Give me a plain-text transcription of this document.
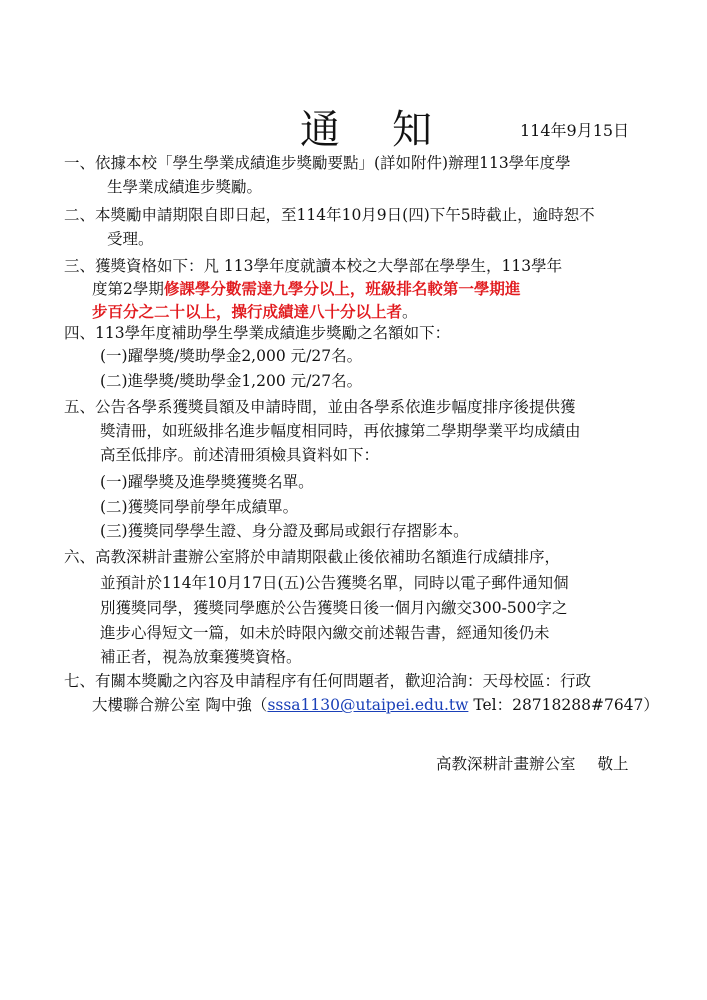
通 知	114年9月15日
一、依據本校「學生學業成績進步獎勵要點」(詳如附件)辦理113學年度學
生學業成績進步獎勵。
二、本獎勵申請期限自即日起，至114年10月9日(四)下午5時截止，逾時恕不
受理。
三、獲獎資格如下：凡 113學年度就讀本校之大學部在學學生，113學年
度第2學期修課學分數需達九學分以上，班級排名較第一學期進
步百分之二十以上，操行成績達八十分以上者。
四、113學年度補助學生學業成績進步獎勵之名額如下：
(一)躍學獎/獎助學金2,000 元/27名。
(二)進學獎/獎助學金1,200 元/27名。
五、公告各學系獲獎員額及申請時間，並由各學系依進步幅度排序後提供獲
獎清冊，如班級排名進步幅度相同時，再依據第二學期學業平均成績由
高至低排序。前述清冊須檢具資料如下：
(一)躍學獎及進學獎獲獎名單。
(二)獲獎同學前學年成績單。
(三)獲獎同學學生證、身分證及郵局或銀行存摺影本。
六、高教深耕計畫辦公室將於申請期限截止後依補助名額進行成績排序，
並預計於114年10月17日(五)公告獲獎名單，同時以電子郵件通知個
別獲獎同學，獲獎同學應於公告獲獎日後一個月內繳交300-500字之
進步心得短文一篇，如未於時限內繳交前述報告書，經通知後仍未
補正者，視為放棄獲獎資格。
七、有關本獎勵之內容及申請程序有任何問題者，歡迎洽詢：天母校區：行政
大樓聯合辦公室 陶中強（sssa1130@utaipei.edu.tw Tel：28718288#7647）
高教深耕計畫辦公室 敬上
